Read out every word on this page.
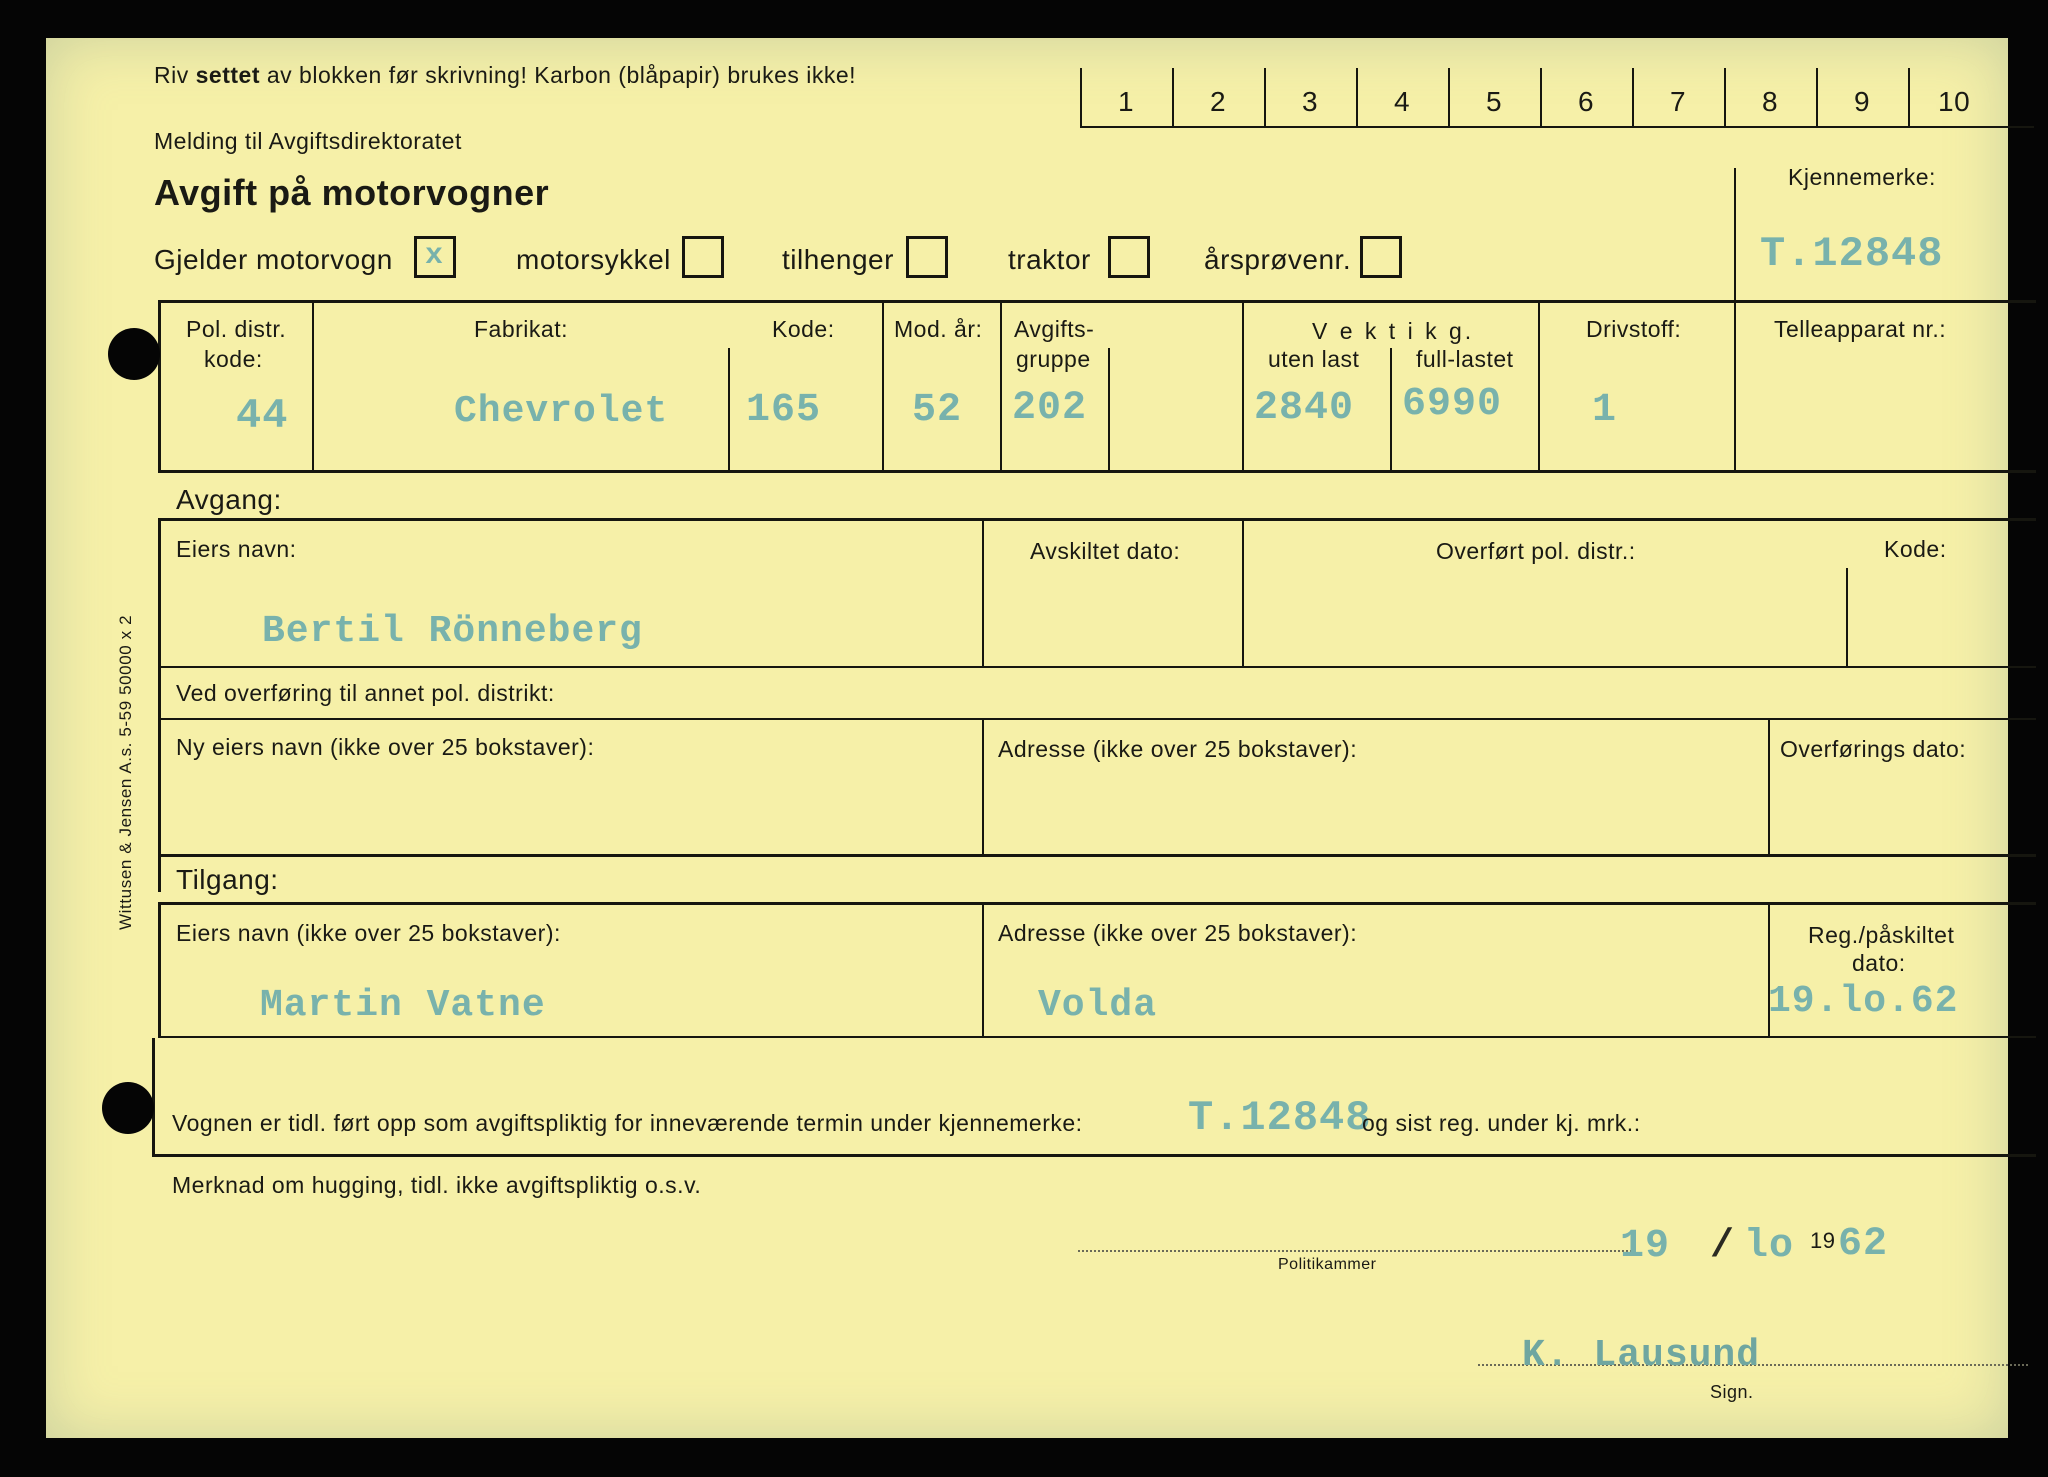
1	2	3	4	5	6	7	8	9 10
Riv settet av blokken før skrivning! Karbon (blåpapir) brukes ikke!
Melding til Avgiftsdirektoratet
Avgift på motorvogner	Kjennemerke:
T.12848
Gjelder motorvogn x	motorsykkel	tilhenger	traktor	årsprøvenr.
Pol. distr.
kode:
44
Fabrikat:
Chevrolet
Kode:
165
Mod. år:
52
Avgifts-
gruppe
202
V e k t i k g.
uten last full-lastet
2840 6990
Drivstoff:
1
Telleapparat nr.:
Avgang:
Eiers navn:
Bertil Rönneberg
Avskiltet dato:	Overført pol. distr.:	Kode:
Ved overføring til annet pol. distrikt:
Ny eiers navn (ikke over 25 bokstaver):	Adresse (ikke over 25 bokstaver):	Overførings dato:
Tilgang:
Eiers navn (ikke over 25 bokstaver):
Martin Vatne
Adresse (ikke over 25 bokstaver):
Volda
Reg./påskiltet
dato:
19.lo.62
Vognen er tidl. ført opp som avgiftspliktig for inneværende termin under kjennemerke:	T.12848
og sist reg. under kj. mrk.:
Merknad om hugging, tidl. ikke avgiftspliktig o.s.v.
Politikammer	19 / lo 19 62
K. Lausund
Sign.
Wittusen & Jensen A.s. 5-59 50000 x 2
